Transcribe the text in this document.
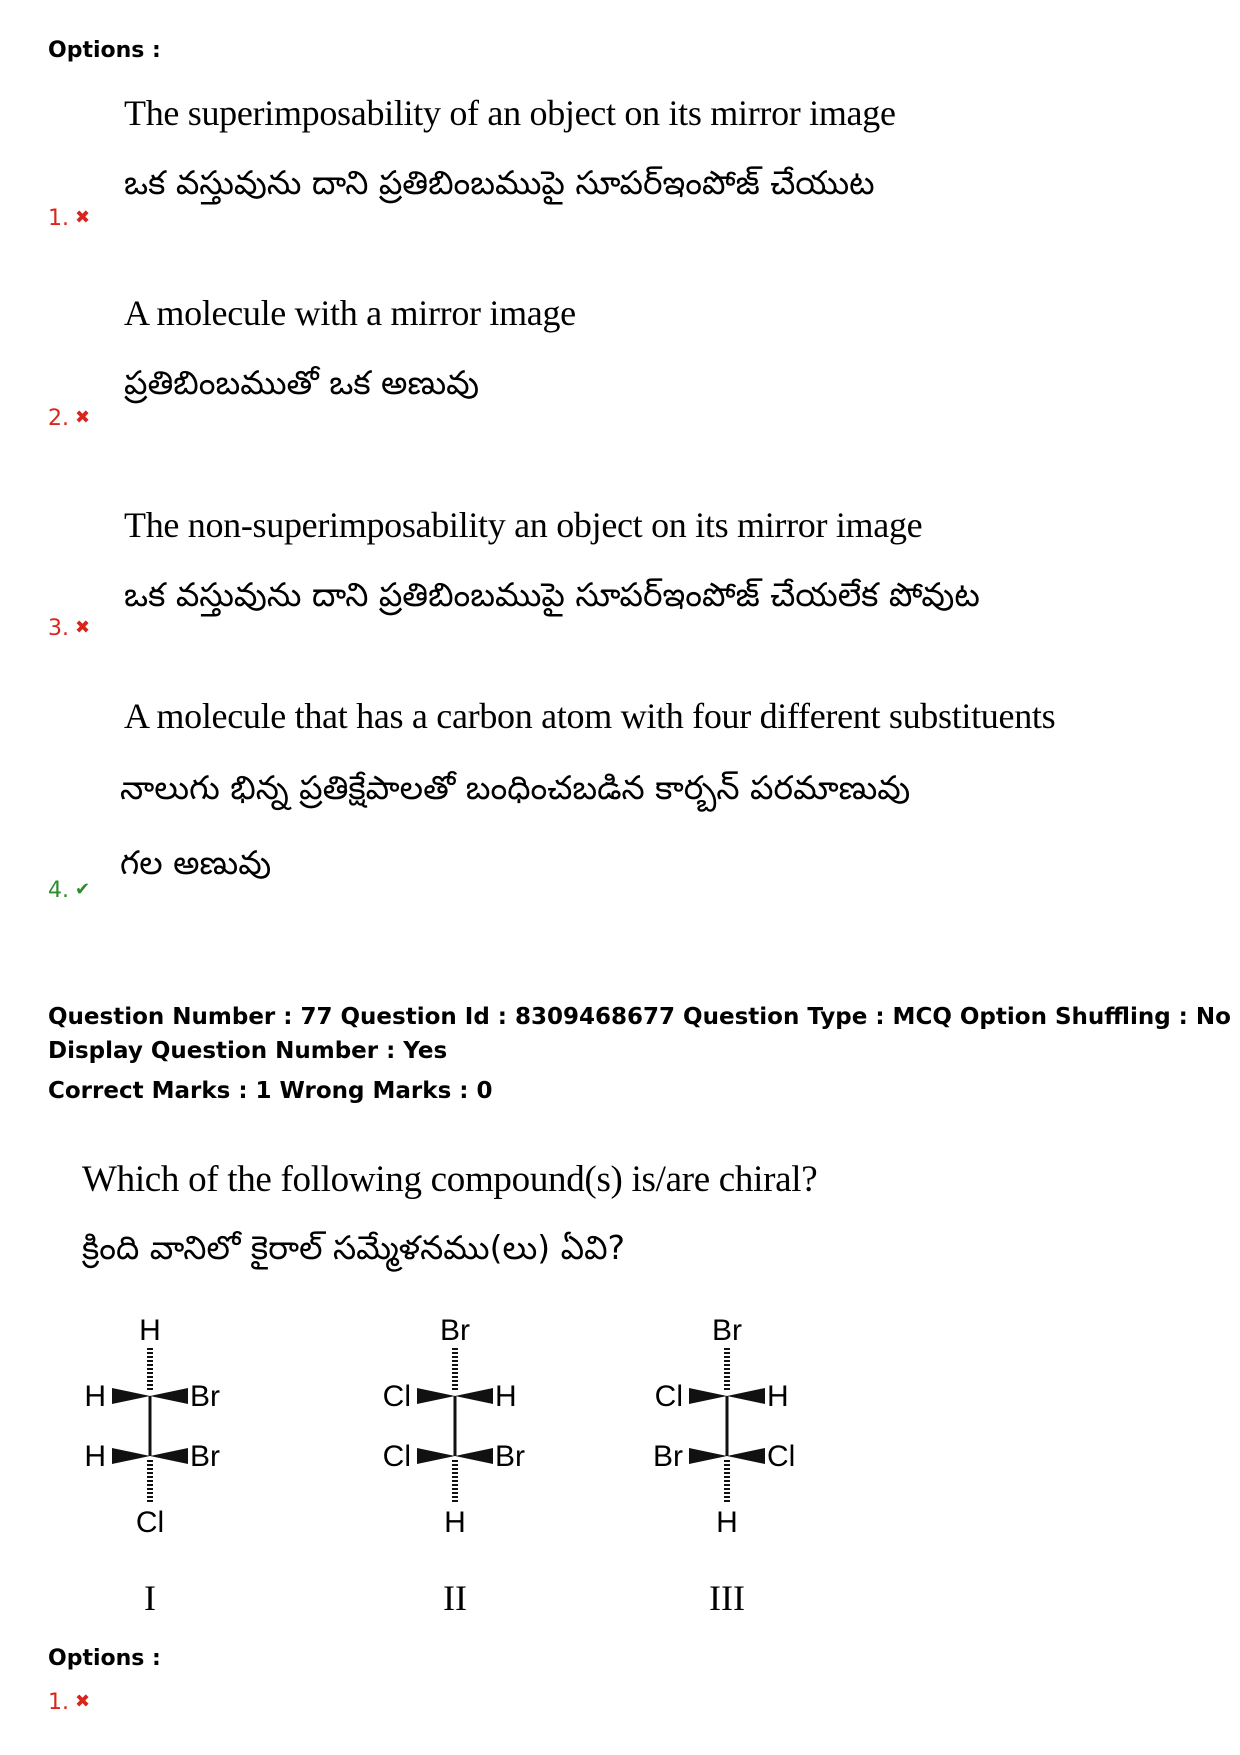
Options :
The superimposability of an object on its mirror image
ఒక వస్తువును దాని ప్రతిబింబముపై సూపర్ఇంపోజ్ చేయుట
1. ✖
A molecule with a mirror image
ప్రతిబింబముతో ఒక అణువు
2. ✖
The non-superimposability an object on its mirror image
ఒక వస్తువును దాని ప్రతిబింబముపై సూపర్ఇంపోజ్ చేయలేక పోవుట
3. ✖
A molecule that has a carbon atom with four different substituents
నాలుగు భిన్న ప్రతిక్షేపాలతో బంధించబడిన కార్బన్ పరమాణువు
గల అణువు
4. ✔
Question Number : 77 Question Id : 8309468677 Question Type : MCQ Option Shuffling : No
Display Question Number : Yes
Correct Marks : 1 Wrong Marks : 0
Which of the following compound(s) is/are chiral?
క్రింది వానిలో కైరాల్ సమ్మేళనము(లు) ఏవి?
H
H	Br
H	Br
Cl
I
Br
Cl	H
Cl	Br
H
II
Br
Cl	H
Br	Cl
H
III
Options :
1. ✖
